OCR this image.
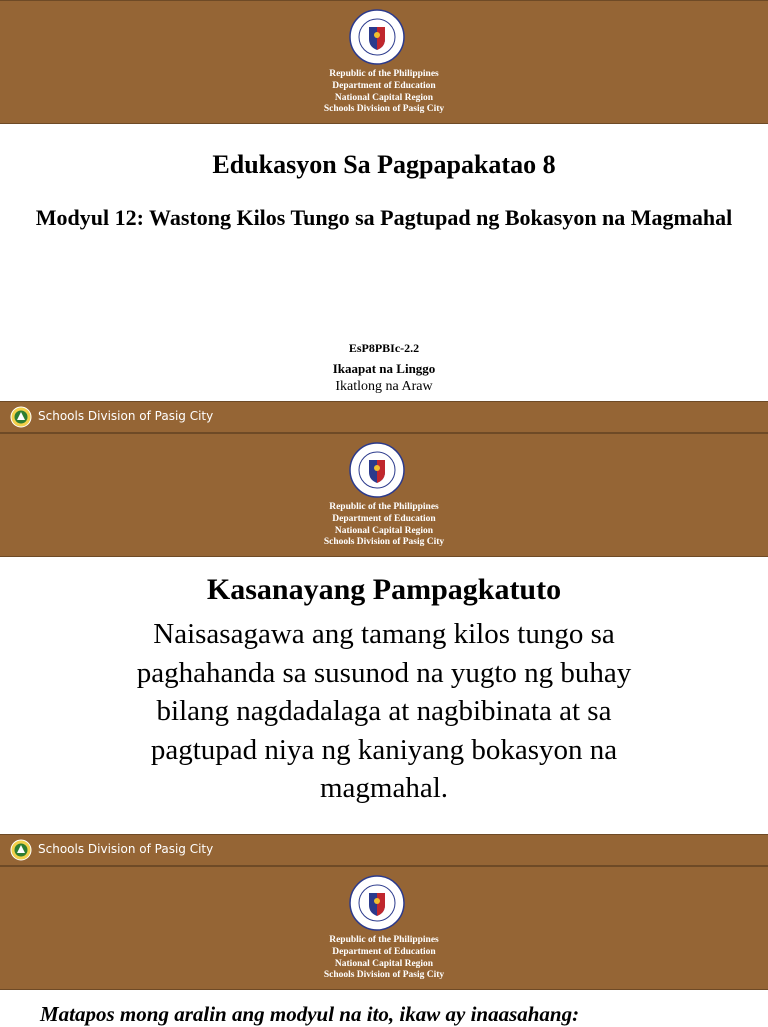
Republic of the Philippines
Department of Education
National Capital Region
Schools Division of Pasig City
Edukasyon Sa Pagpapakatao 8
Modyul 12: Wastong Kilos Tungo sa Pagtupad ng Bokasyon na Magmahal
EsP8PBIc-2.2
Ikaapat na Linggo
Ikatlong na Araw
Schools Division of Pasig City
Republic of the Philippines
Department of Education
National Capital Region
Schools Division of Pasig City
Kasanayang Pampagkatuto
Naisasagawa ang tamang kilos tungo sa paghahanda sa susunod na yugto ng buhay bilang nagdadalaga at nagbibinata at sa pagtupad niya ng kaniyang bokasyon na magmahal.
Schools Division of Pasig City
Republic of the Philippines
Department of Education
National Capital Region
Schools Division of Pasig City
Matapos mong aralin ang modyul na ito, ikaw ay inaasahang:
